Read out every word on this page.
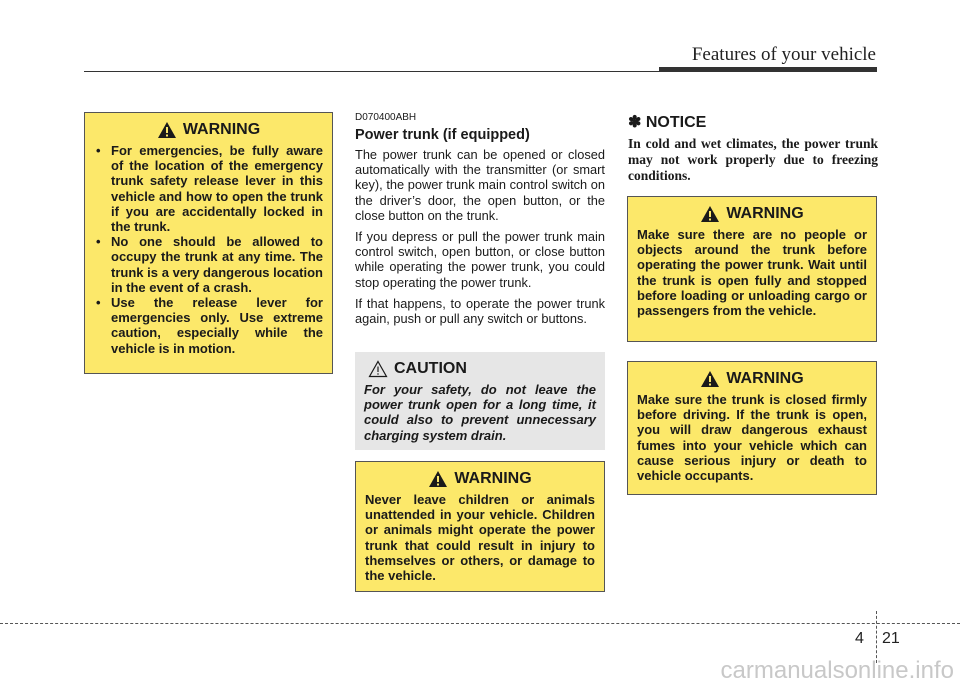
Features of your vehicle
WARNING
• For emergencies, be fully aware of the location of the emergency trunk safety release lever in this vehicle and how to open the trunk if you are accidentally locked in the trunk.
• No one should be allowed to occupy the trunk at any time. The trunk is a very dangerous location in the event of a crash.
• Use the release lever for emergencies only. Use extreme caution, especially while the vehicle is in motion.
D070400ABH
Power trunk (if equipped)

The power trunk can be opened or closed automatically with the transmitter (or smart key), the power trunk main control switch on the driver’s door, the open button, or the close button on the trunk.

If you depress or pull the power trunk main control switch, open button, or close button while operating the power trunk, you could stop operating the power trunk.

If that happens, to operate the power trunk again, push or pull any switch or buttons.

CAUTION
For your safety, do not leave the power trunk open for a long time, it could also to prevent unnecessary charging system drain.
WARNING
Never leave children or animals unattended in your vehicle. Children or animals might operate the power trunk that could result in injury to themselves or others, or damage to the vehicle.
✽ NOTICE
In cold and wet climates, the power trunk may not work properly due to freezing conditions.
WARNING
Make sure there are no people or objects around the trunk before operating the power trunk. Wait until the trunk is open fully and stopped before loading or unloading cargo or passengers from the vehicle.
WARNING
Make sure the trunk is closed firmly before driving. If the trunk is open, you will draw dangerous exhaust fumes into your vehicle which can cause serious injury or death to vehicle occupants.
4 21
carmanualsonline.info
